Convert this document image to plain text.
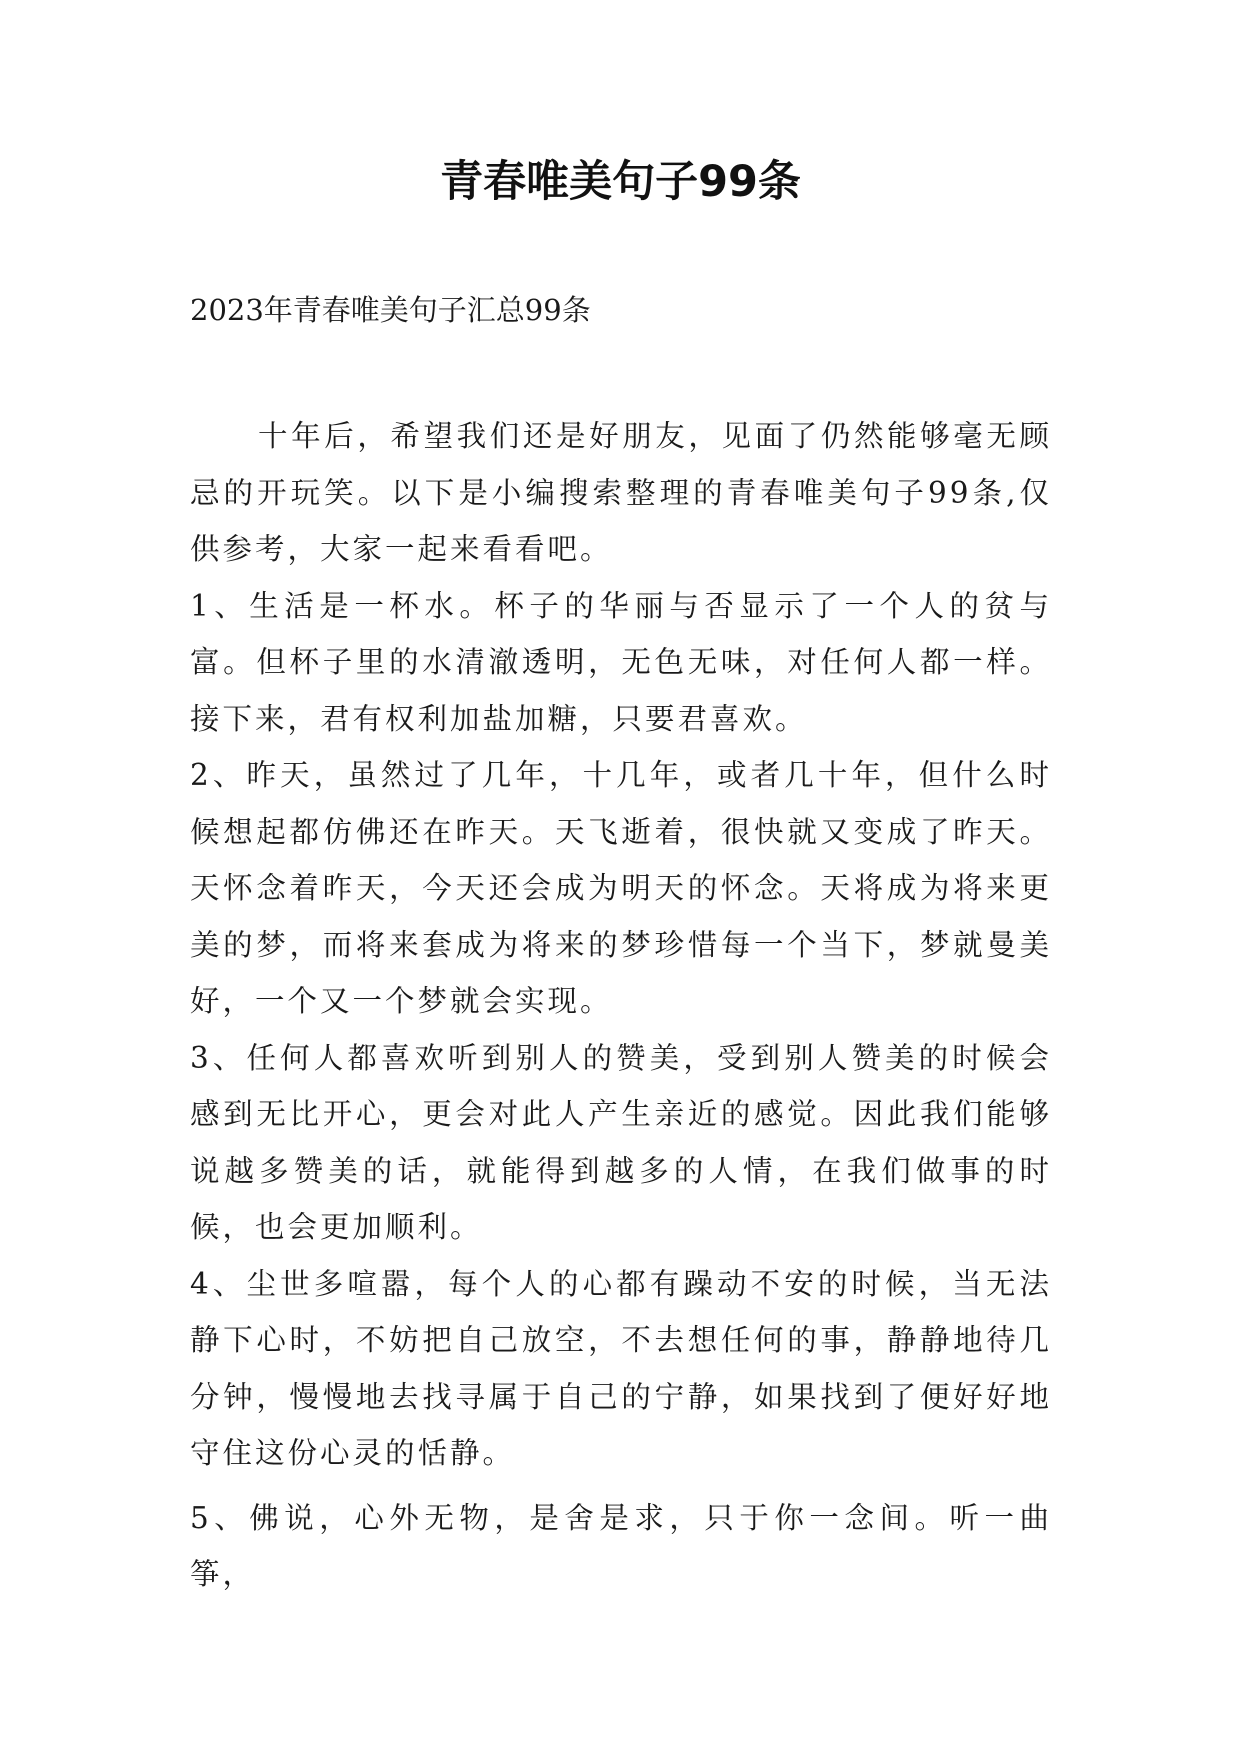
青春唯美句子99条

2023年青春唯美句子汇总99条

十年后，希望我们还是好朋友，见面了仍然能够毫无顾忌的开玩笑。以下是小编搜索整理的青春唯美句子99条,仅供参考，大家一起来看看吧。

1、生活是一杯水。杯子的华丽与否显示了一个人的贫与富。但杯子里的水清澈透明，无色无味，对任何人都一样。接下来，君有权利加盐加糖，只要君喜欢。

2、昨天，虽然过了几年，十几年，或者几十年，但什么时候想起都仿佛还在昨天。天飞逝着，很快就又变成了昨天。天怀念着昨天，今天还会成为明天的怀念。天将成为将来更美的梦，而将来套成为将来的梦珍惜每一个当下，梦就曼美好，一个又一个梦就会实现。

3、任何人都喜欢听到别人的赞美，受到别人赞美的时候会感到无比开心，更会对此人产生亲近的感觉。因此我们能够说越多赞美的话，就能得到越多的人情，在我们做事的时候，也会更加顺利。

4、尘世多喧嚣，每个人的心都有躁动不安的时候，当无法静下心时，不妨把自己放空，不去想任何的事，静静地待几分钟，慢慢地去找寻属于自己的宁静，如果找到了便好好地守住这份心灵的恬静。

5、佛说，心外无物，是舍是求，只于你一念间。听一曲筝，
